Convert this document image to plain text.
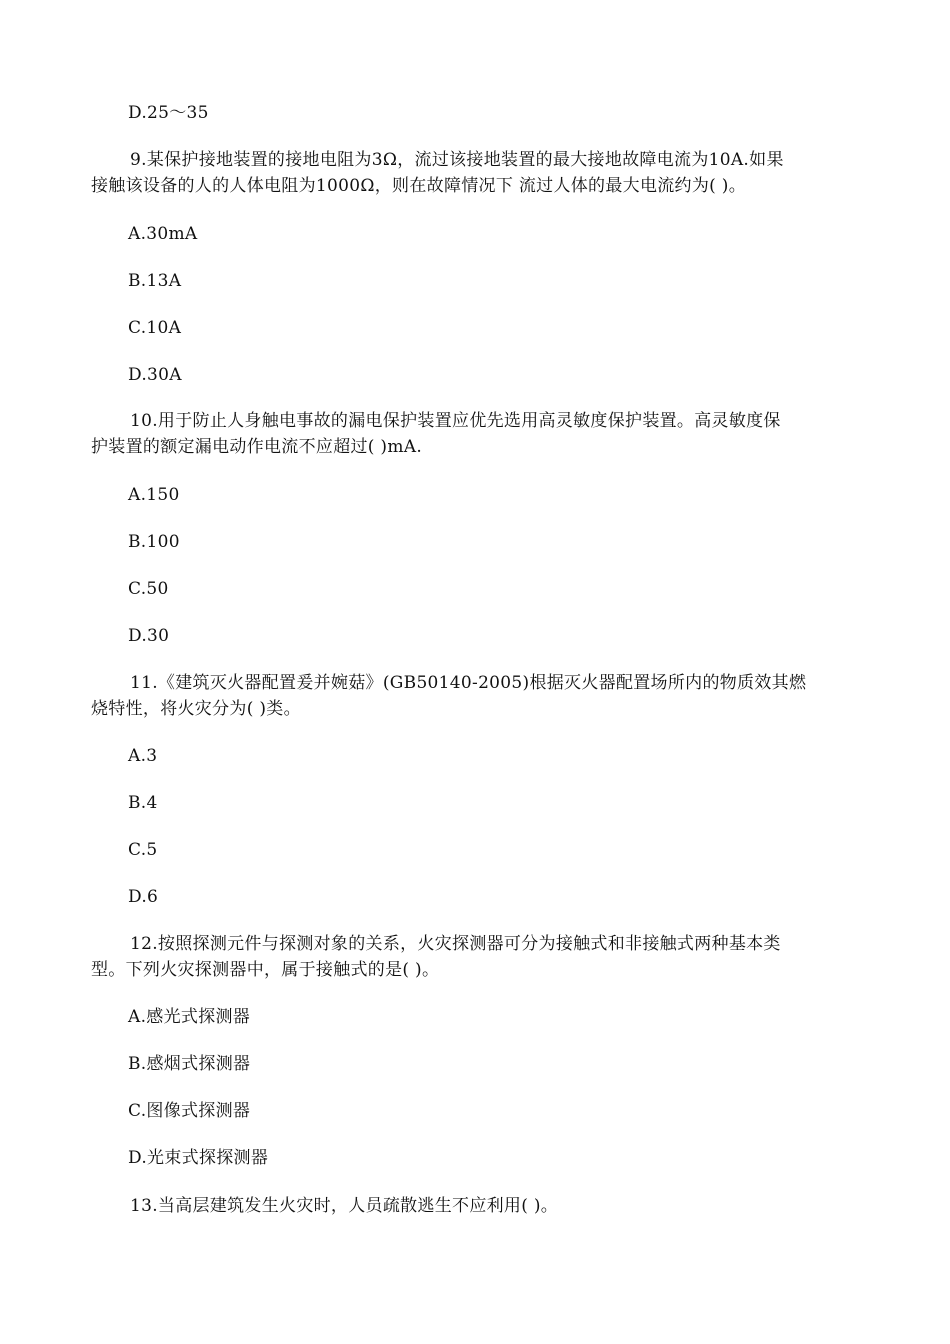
D.25～35
9.某保护接地装置的接地电阻为3Ω，流过该接地装置的最大接地故障电流为10A.如果
接触该设备的人的人体电阻为1000Ω，则在故障情况下 流过人体的最大电流约为( )。
A.30mA
B.13A
C.10A
D.30A
10.用于防止人身触电事故的漏电保护装置应优先选用高灵敏度保护装置。高灵敏度保
护装置的额定漏电动作电流不应超过( )mA.
A.150
B.100
C.50
D.30
11.《建筑灭火器配置爰并婉菇》(GB50140-2005)根据灭火器配置场所内的物质效其燃
烧特性，将火灾分为( )类。
A.3
B.4
C.5
D.6
12.按照探测元件与探测对象的关系，火灾探测器可分为接触式和非接触式两种基本类
型。下列火灾探测器中，属于接触式的是( )。
A.感光式探测器
B.感烟式探测器
C.图像式探测器
D.光束式探探测器
13.当高层建筑发生火灾时，人员疏散逃生不应利用( )。
